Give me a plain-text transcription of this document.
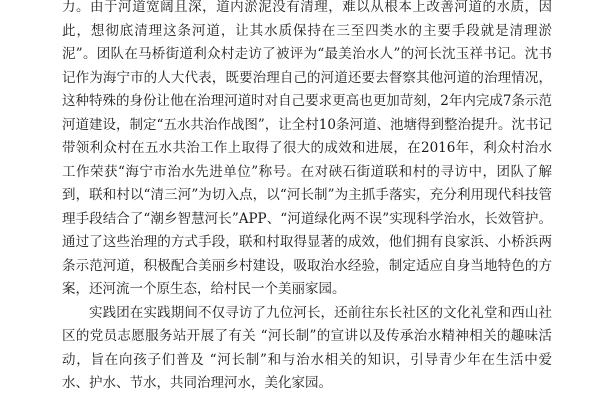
力。由于河道宽阔且深，道内淤泥没有清理，难以从根本上改善河道的水质，因此，想彻底清理这条河道，让其水质保持在三至四类水的主要手段就是清理淤泥”。团队在马桥街道利众村走访了被评为“最美治水人”的河长沈玉祥书记。沈书记作为海宁市的人大代表，既要治理自己的河道还要去督察其他河道的治理情况，这种特殊的身份让他在治理河道时对自己要求更高也更加苛刻，2年内完成7条示范河道建设，制定“五水共治作战图”，让全村10条河道、池塘得到整治提升。沈书记带领利众村在五水共治工作上取得了很大的成效和进展，在2016年，利众村治水工作荣获“海宁市治水先进单位”称号。在对硖石街道联和村的寻访中，团队了解到，联和村以“清三河”为切入点，以“河长制”为主抓手落实，充分利用现代科技管理手段结合了“潮乡智慧河长”APP、“河道绿化两不误”实现科学治水，长效管护。通过了这些治理的方式手段，联和村取得显著的成效，他们拥有良家浜、小桥浜两条示范河道，积极配合美丽乡村建设，吸取治水经验，制定适应自身当地特色的方案，还河流一个原生态，给村民一个美丽家园。

实践团在实践期间不仅寻访了九位河长，还前往东长社区的文化礼堂和西山社区的党员志愿服务站开展了有关 “河长制”的宣讲以及传承治水精神相关的趣味活动，旨在向孩子们普及 “河长制”和与治水相关的知识，引导青少年在生活中爱水、护水、节水，共同治理河水，美化家园。
